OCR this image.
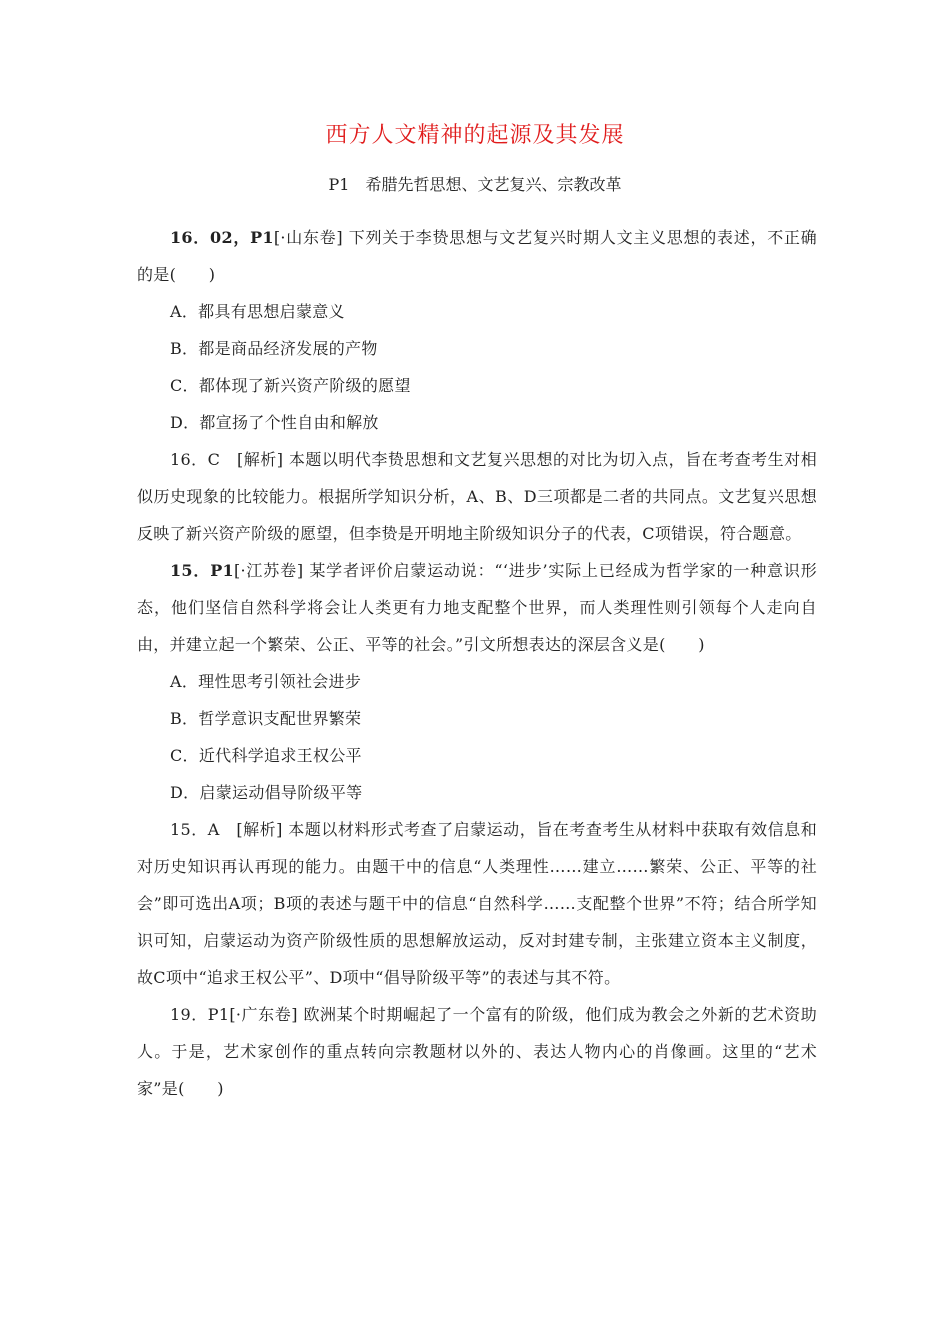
西方人文精神的起源及其发展
P1　希腊先哲思想、文艺复兴、宗教改革

16．02，P1[·山东卷] 下列关于李贽思想与文艺复兴时期人文主义思想的表述，不正确的是(　　)

A．都具有思想启蒙意义

B．都是商品经济发展的产物

C．都体现了新兴资产阶级的愿望

D．都宣扬了个性自由和解放

16．C　[解析] 本题以明代李贽思想和文艺复兴思想的对比为切入点，旨在考查考生对相似历史现象的比较能力。根据所学知识分析，A、B、D三项都是二者的共同点。文艺复兴思想反映了新兴资产阶级的愿望，但李贽是开明地主阶级知识分子的代表，C项错误，符合题意。

15．P1[·江苏卷] 某学者评价启蒙运动说：“‘进步’实际上已经成为哲学家的一种意识形态，他们坚信自然科学将会让人类更有力地支配整个世界，而人类理性则引领每个人走向自由，并建立起一个繁荣、公正、平等的社会。”引文所想表达的深层含义是(　　)

A．理性思考引领社会进步

B．哲学意识支配世界繁荣

C．近代科学追求王权公平

D．启蒙运动倡导阶级平等

15．A　[解析] 本题以材料形式考查了启蒙运动，旨在考查考生从材料中获取有效信息和对历史知识再认再现的能力。由题干中的信息“人类理性……建立……繁荣、公正、平等的社会”即可选出A项；B项的表述与题干中的信息“自然科学……支配整个世界”不符；结合所学知识可知，启蒙运动为资产阶级性质的思想解放运动，反对封建专制，主张建立资本主义制度，故C项中“追求王权公平”、D项中“倡导阶级平等”的表述与其不符。

19．P1[·广东卷] 欧洲某个时期崛起了一个富有的阶级，他们成为教会之外新的艺术资助人。于是，艺术家创作的重点转向宗教题材以外的、表达人物内心的肖像画。这里的“艺术家”是(　　)
